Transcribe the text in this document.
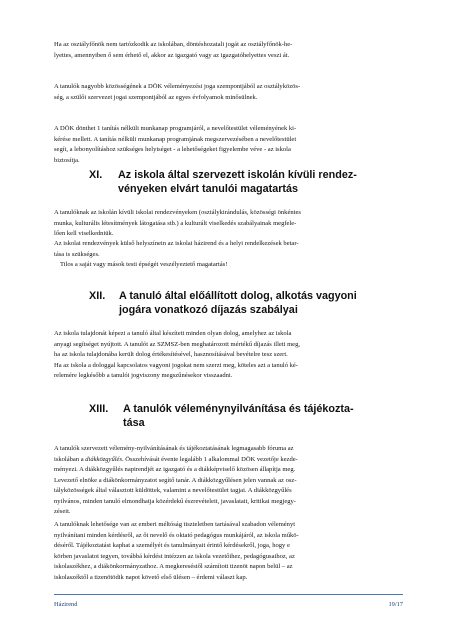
Ha az osztályfőnök nem tartózkodik az iskolában, döntéshozatali jogát az osztályfőnök-he-
lyettes, amennyiben ő sem érhető el, akkor az igazgató vagy az igazgatóhelyettes veszi át.

A tanulók nagyobb közösségének a DÖK véleményezési joga szempontjából az osztályközös-
ség, a szülői szervezet jogai szempontjából az egyes évfolyamok minősülnek.

A DÖK dönthet 1 tanítás nélküli munkanap programjáról, a nevelőtestület véleményének ki-
kérése mellett. A tanítás nélküli munkanap programjának megszervezésében a nevelőtestület
segít, a lebonyolításhoz szükséges helyiséget - a lehetőségeket figyelembe véve - az iskola
biztosítja.

XI. Az iskola által szervezett iskolán kívüli rendez-
vényeken elvárt tanulói magatartás

A tanulóknak az iskolán kívüli iskolai rendezvényeken (osztálykirándulás, közösségi önkéntes
munka, kulturális létesítmények látogatása stb.) a kulturált viselkedés szabályainak megfele-
lően kell viselkedniük.

Az iskolai rendezvények külső helyszínein az iskolai házirend és a helyi rendelkezések betar-
tása is szükséges.

Tilos a saját vagy mások testi épségét veszélyeztető magatartás!

XII. A tanuló által előállított dolog, alkotás vagyoni
jogára vonatkozó díjazás szabályai

Az iskola tulajdonát képezi a tanuló által készített minden olyan dolog, amelyhez az iskola
anyagi segítséget nyújtott. A tanulót az SZMSZ-ben meghatározott mértékű díjazás illeti meg,
ha az iskola tulajdonába került dolog értékesítésével, hasznosításával bevételre tesz szert.
Ha az iskola a dologgal kapcsolatos vagyoni jogokat nem szerzi meg, köteles azt a tanuló ké-
relemére legkésőbb a tanulói jogviszony megszűnésekor visszaadni.

XIII. A tanulók véleménynyilvánítása és tájékozta-
tása

A tanulók szervezett vélemény-nyilvánításának és tájékoztatásának legmagasabb fóruma az
iskolában a diákközgyűlés. Összehívását évente legalább 1 alkalommal DÖK vezetője kezde-
ményezi. A diákközgyűlés napirendjét az igazgató és a diákképviselő közösen állapítja meg.
Levezető elnöke a diákönkormányzatot segítő tanár. A diákközgyűlésen jelen vannak az osz-
tályközösségek által választott küldöttek, valamint a nevelőtestület tagjai. A diákközgyűlés
nyilvános, minden tanuló elmondhatja közérdekű észrevételeit, javaslatait, kritikai megjegy-
zéseit.

A tanulóknak lehetősége van az emberi méltóság tiszteletben tartásával szabadon véleményt
nyilvánítani minden kérdésről, az őt nevelő és oktató pedagógus munkájáról, az iskola műkö-
déséről. Tájékoztatást kaphat a személyét és tanulmányait érintő kérdésekről, joga, hogy e
körben javaslatot tegyen, továbbá kérdést intézzen az iskola vezetőihez, pedagógusaihoz, az
iskolaszékhez, a diákönkormányzathoz. A megkereséstől számított tizenöt napon belül – az
iskolaszéktől a tizenötödik napot követő első ülésen – érdemi választ kap.

Házirend	19/17
